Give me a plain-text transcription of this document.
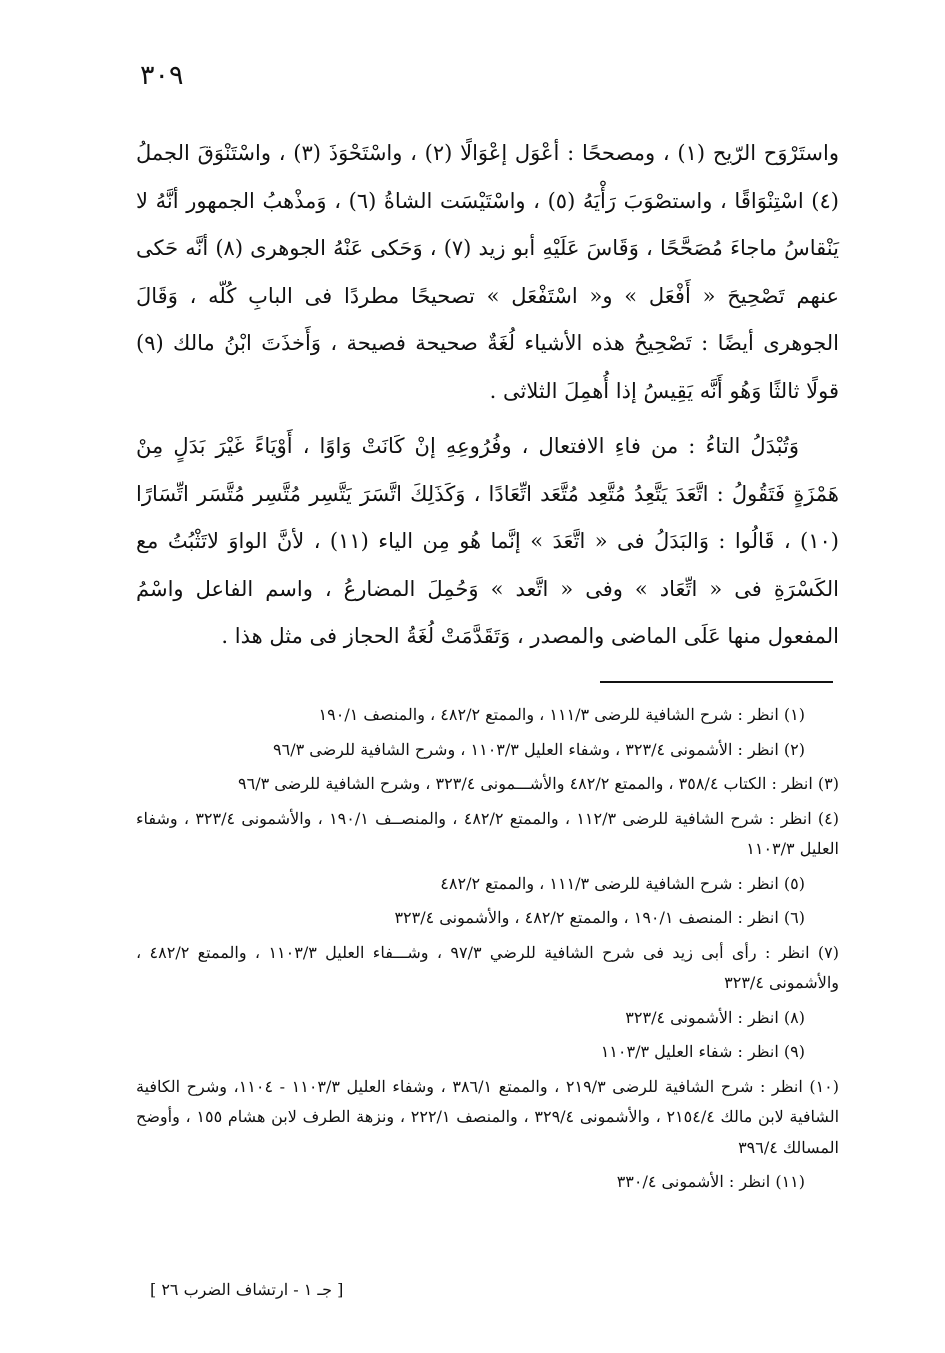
٣٠٩

واستَرْوَح الرّيح (١) ، ومصححًا : أعْوَل إعْوَالًا (٢) ، واسْتَحْوَذَ (٣) ، واسْتَنْوَقَ الجملُ (٤) اسْتِنْوَاقًا ، واستصْوَبَ رَأْيَهُ (٥) ، واسْتَيْسَت الشاةُ (٦) ، وَمذْهبُ الجمهور أنَّهُ لا يَنْقاسُ ماجاءَ مُصَحَّحًا ، وَقَاسَ عَلَيْهِ أبو زيد (٧) ، وَحَكى عَنْهُ الجوهرى (٨) أنَّه حَكى عنهم تَصْحِيحَ « أَفْعَل » و« اسْتَفْعَل » تصحيحًا مطردًا فى البابِ كُلّه ، وَقَالَ الجوهرى أيضًا : تَصْحِيحُ هذه الأشياء لُغَةٌ صحيحة فصيحة ، وَأَخذَتَ ابْنُ مالك (٩) قولًا ثالثًا وَهُو أَنَّه يَقِيسُ إذا أُهمِلَ الثلاثى .

وَتُبْدَلُ التاءُ : من فاءِ الافتعال ، وفُرُوعِهِ إنْ كَانَتْ وَاوًا ، أَوْيَاءً غَيْرَ بَدَلٍ مِنْ هَمْزَةٍ فَتَقُولُ : اتَّعَدَ يَتَّعِدُ مُتَّعِد مُتَّعَد اتِّعَادًا ، وَكَذَلِكَ اتَّسَرَ يَتَّسِر مُتَّسِر مُتَّسَر اتِّسَارًا (١٠) ، قَالُوا : وَالبَدَلُ فى « اتَّعَدَ » إنَّما هُو مِن الياء (١١) ، لأنَّ الواوَ لاتَثْبُتُ مع الكَسْرَةِ فى « اتِّعَاد » وفى « اتَّعد » وَحُمِلَ المضارعُ ، واسم الفاعل واسْمُ المفعول منها عَلَى الماضى والمصدر ، وَتَقَدَّمَتْ لُغَةُ الحجاز فى مثل هذا .

(١) انظر : شرح الشافية للرضى ١١١/٣ ، والممتع ٤٨٢/٢ ، والمنصف ١٩٠/١

(٢) انظر : الأشمونى ٣٢٣/٤ ، وشفاء العليل ١١٠٣/٣ ، وشرح الشافية للرضى ٩٦/٣

(٣) انظر : الكتاب ٣٥٨/٤ ، والممتع ٤٨٢/٢ والأشـــمونى ٣٢٣/٤ ، وشرح الشافية للرضى ٩٦/٣

(٤) انظر : شرح الشافية للرضى ١١٢/٣ ، والممتع ٤٨٢/٢ ، والمنصــف ١٩٠/١ ، والأشمونى ٣٢٣/٤ ، وشفاء العليل ١١٠٣/٣

(٥) انظر : شرح الشافية للرضى ١١١/٣ ، والممتع ٤٨٢/٢

(٦) انظر : المنصف ١٩٠/١ ، والممتع ٤٨٢/٢ ، والأشمونى ٣٢٣/٤

(٧) انظر : رأى أبى زيد فى شرح الشافية للرضي ٩٧/٣ ، وشـــفاء العليل ١١٠٣/٣ ، والممتع ٤٨٢/٢ ، والأشمونى ٣٢٣/٤

(٨) انظر : الأشمونى ٣٢٣/٤

(٩) انظر : شفاء العليل ١١٠٣/٣

(١٠) انظر : شرح الشافية للرضى ٢١٩/٣ ، والممتع ٣٨٦/١ ، وشفاء العليل ١١٠٣/٣ - ١١٠٤، وشرح الكافية الشافية لابن مالك ٢١٥٤/٤ ، والأشمونى ٣٢٩/٤ ، والمنصف ٢٢٢/١ ، ونزهة الطرف لابن هشام ١٥٥ ، وأوضح المسالك ٣٩٦/٤

(١١) انظر : الأشمونى ٣٣٠/٤

[ جـ ١ - ارتشاف الضرب ٢٦ ]
